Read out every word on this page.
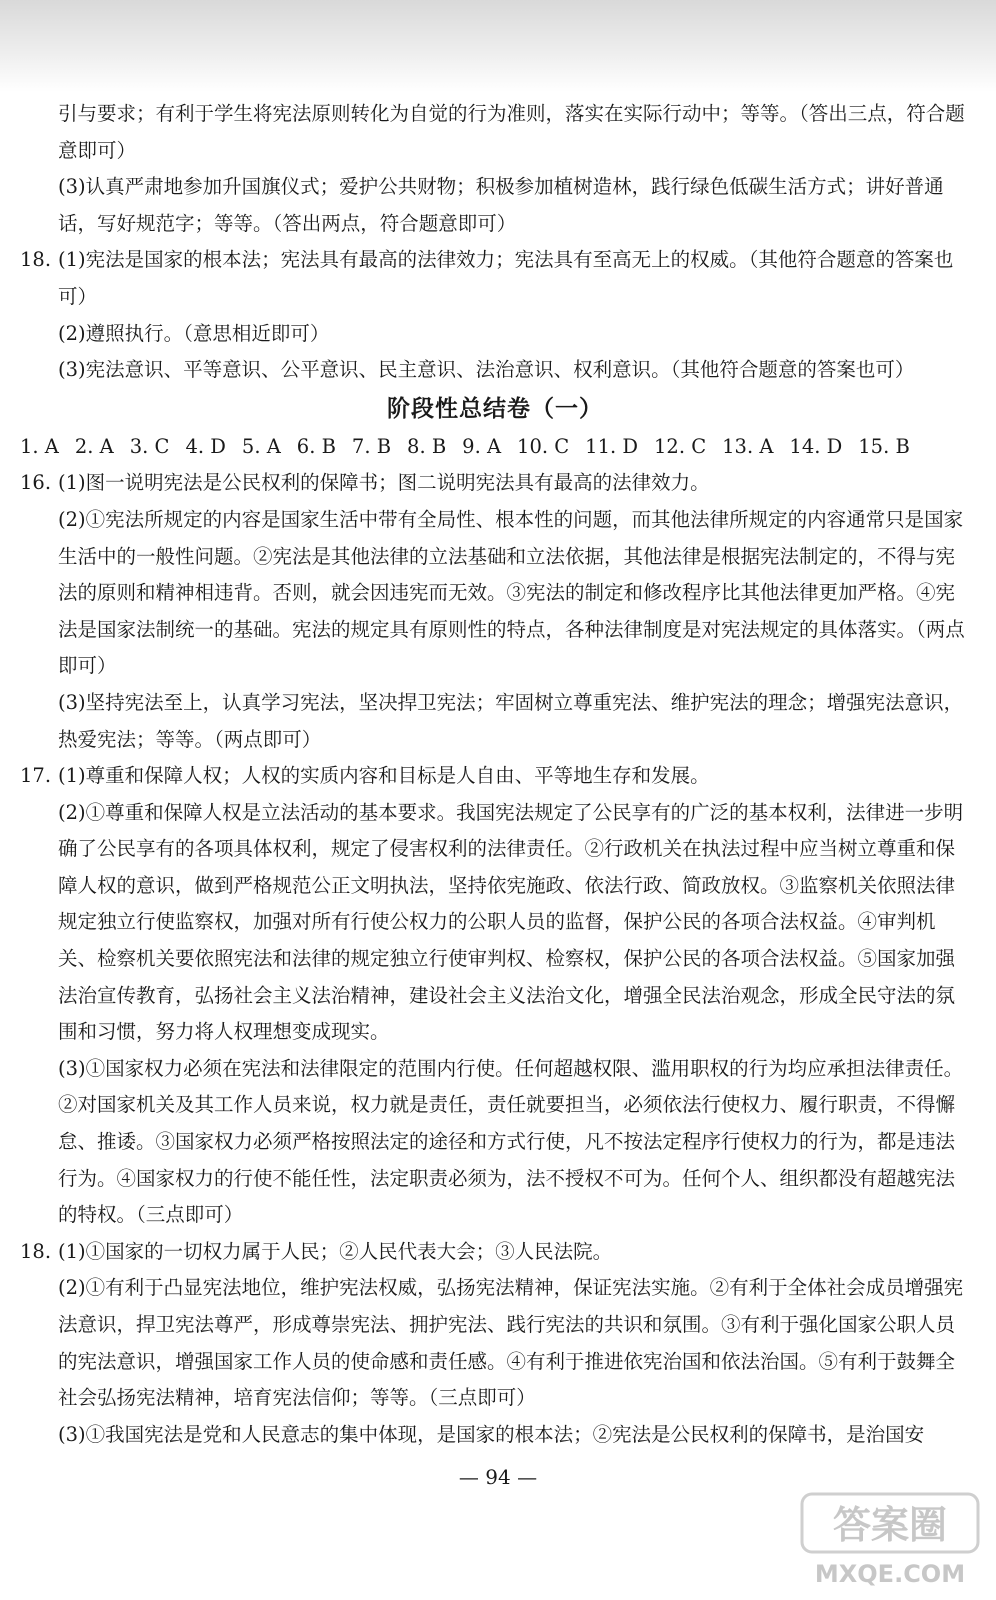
引与要求；有利于学生将宪法原则转化为自觉的行为准则，落实在实际行动中；等等。（答出三点，符合题意即可）

(3)认真严肃地参加升国旗仪式；爱护公共财物；积极参加植树造林，践行绿色低碳生活方式；讲好普通话，写好规范字；等等。（答出两点，符合题意即可）

18. (1)宪法是国家的根本法；宪法具有最高的法律效力；宪法具有至高无上的权威。（其他符合题意的答案也可）

(2)遵照执行。（意思相近即可）

(3)宪法意识、平等意识、公平意识、民主意识、法治意识、权利意识。（其他符合题意的答案也可）

阶段性总结卷（一）
1. A 2. A 3. C 4. D 5. A 6. B 7. B 8. B 9. A 10. C 11. D 12. C 13. A 14. D 15. B
16. (1)图一说明宪法是公民权利的保障书；图二说明宪法具有最高的法律效力。

(2)①宪法所规定的内容是国家生活中带有全局性、根本性的问题，而其他法律所规定的内容通常只是国家生活中的一般性问题。②宪法是其他法律的立法基础和立法依据，其他法律是根据宪法制定的，不得与宪法的原则和精神相违背。否则，就会因违宪而无效。③宪法的制定和修改程序比其他法律更加严格。④宪法是国家法制统一的基础。宪法的规定具有原则性的特点，各种法律制度是对宪法规定的具体落实。（两点即可）

(3)坚持宪法至上，认真学习宪法，坚决捍卫宪法；牢固树立尊重宪法、维护宪法的理念；增强宪法意识，热爱宪法；等等。（两点即可）

17. (1)尊重和保障人权；人权的实质内容和目标是人自由、平等地生存和发展。

(2)①尊重和保障人权是立法活动的基本要求。我国宪法规定了公民享有的广泛的基本权利，法律进一步明确了公民享有的各项具体权利，规定了侵害权利的法律责任。②行政机关在执法过程中应当树立尊重和保障人权的意识，做到严格规范公正文明执法，坚持依宪施政、依法行政、简政放权。③监察机关依照法律规定独立行使监察权，加强对所有行使公权力的公职人员的监督，保护公民的各项合法权益。④审判机关、检察机关要依照宪法和法律的规定独立行使审判权、检察权，保护公民的各项合法权益。⑤国家加强法治宣传教育，弘扬社会主义法治精神，建设社会主义法治文化，增强全民法治观念，形成全民守法的氛围和习惯，努力将人权理想变成现实。

(3)①国家权力必须在宪法和法律限定的范围内行使。任何超越权限、滥用职权的行为均应承担法律责任。②对国家机关及其工作人员来说，权力就是责任，责任就要担当，必须依法行使权力、履行职责，不得懈怠、推诿。③国家权力必须严格按照法定的途径和方式行使，凡不按法定程序行使权力的行为，都是违法行为。④国家权力的行使不能任性，法定职责必须为，法不授权不可为。任何个人、组织都没有超越宪法的特权。（三点即可）

18. (1)①国家的一切权力属于人民；②人民代表大会；③人民法院。

(2)①有利于凸显宪法地位，维护宪法权威，弘扬宪法精神，保证宪法实施。②有利于全体社会成员增强宪法意识，捍卫宪法尊严，形成尊崇宪法、拥护宪法、践行宪法的共识和氛围。③有利于强化国家公职人员的宪法意识，增强国家工作人员的使命感和责任感。④有利于推进依宪治国和依法治国。⑤有利于鼓舞全社会弘扬宪法精神，培育宪法信仰；等等。（三点即可）

(3)①我国宪法是党和人民意志的集中体现，是国家的根本法；②宪法是公民权利的保障书，是治国安

— 94 —
答案圈
MXQE.COM
